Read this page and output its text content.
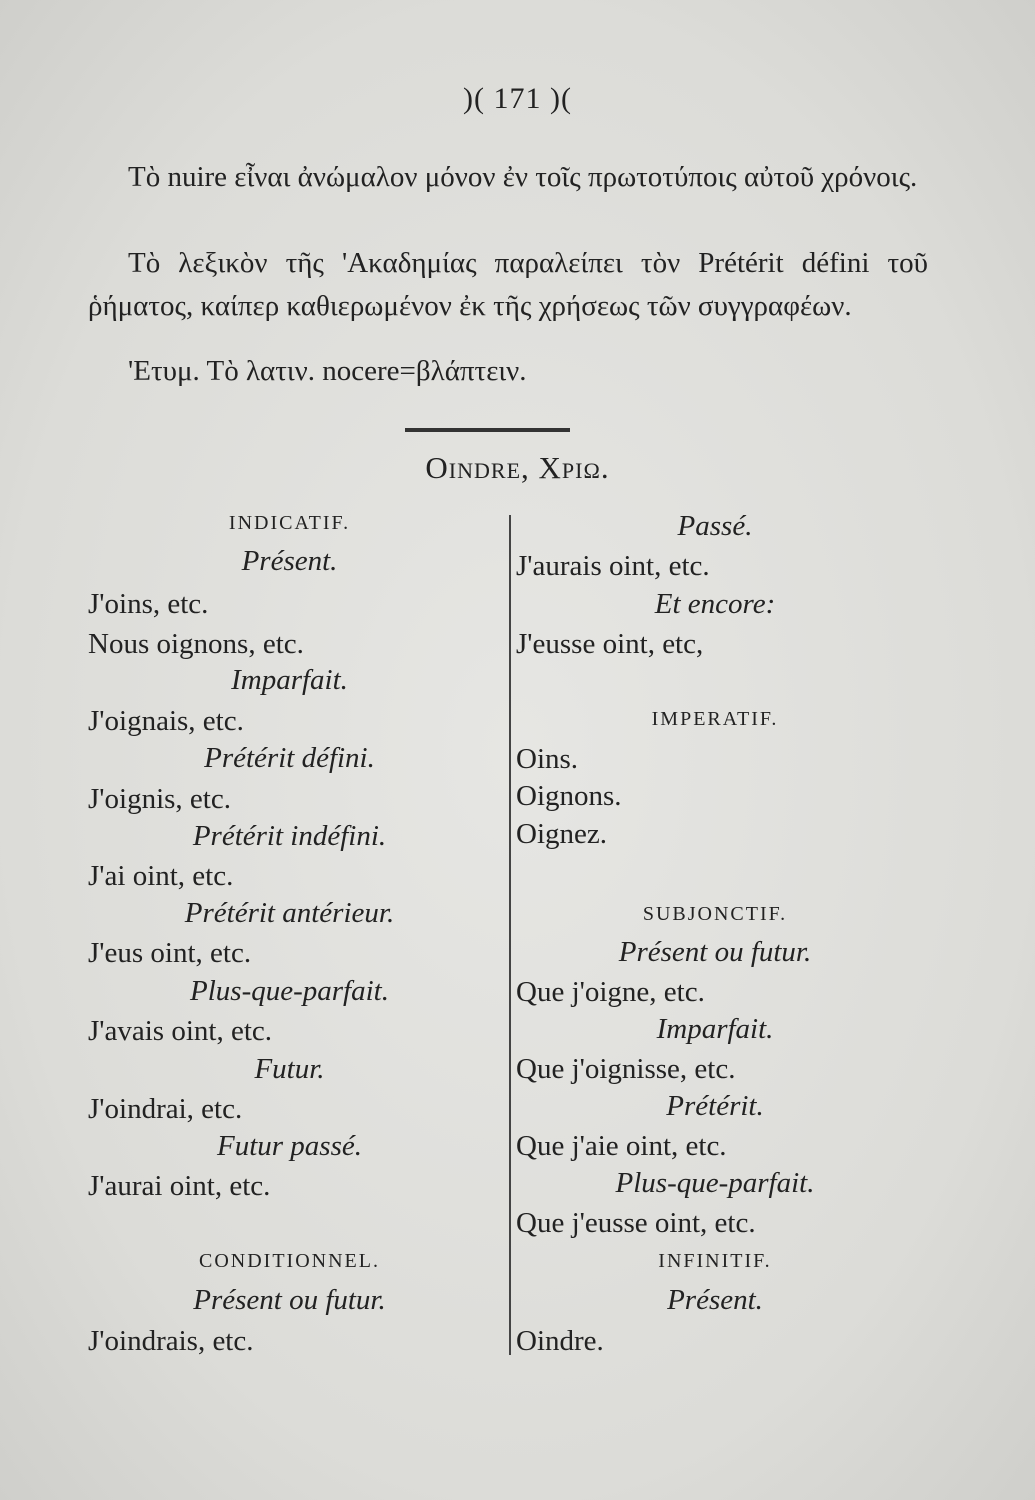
)( 171 )(
Τὸ nuire εἶναι ἀνώμαλον μόνον ἐν τοῖς πρωτοτύποις αὐτοῦ χρόνοις.
Τὸ λεξικὸν τῆς 'Ακαδημίας παραλείπει τὸν Prétérit défini τοῦ ῥήματος, καίπερ καθιερωμένον ἐκ τῆς χρήσεως τῶν συγγραφέων.
'Ετυμ. Τὸ λατιν. nocere=βλάπτειν.
Oindre, Χριω.
INDICATIF.
Présent.
J'oins, etc.
Nous oignons, etc.
Imparfait.
J'oignais, etc.
Prétérit défini.
J'oignis, etc.
Prétérit indéfini.
J'ai oint, etc.
Prétérit antérieur.
J'eus oint, etc.
Plus-que-parfait.
J'avais oint, etc.
Futur.
J'oindrai, etc.
Futur passé.
J'aurai oint, etc.
CONDITIONNEL.
Présent ou futur.
J'oindrais, etc.
Passé.
J'aurais oint, etc.
Et encore:
J'eusse oint, etc,
IMPERATIF.
Oins.
Oignons.
Oignez.
SUBJONCTIF.
Présent ou futur.
Que j'oigne, etc.
Imparfait.
Que j'oignisse, etc.
Prétérit.
Que j'aie oint, etc.
Plus-que-parfait.
Que j'eusse oint, etc.
INFINITIF.
Présent.
Oindre.
